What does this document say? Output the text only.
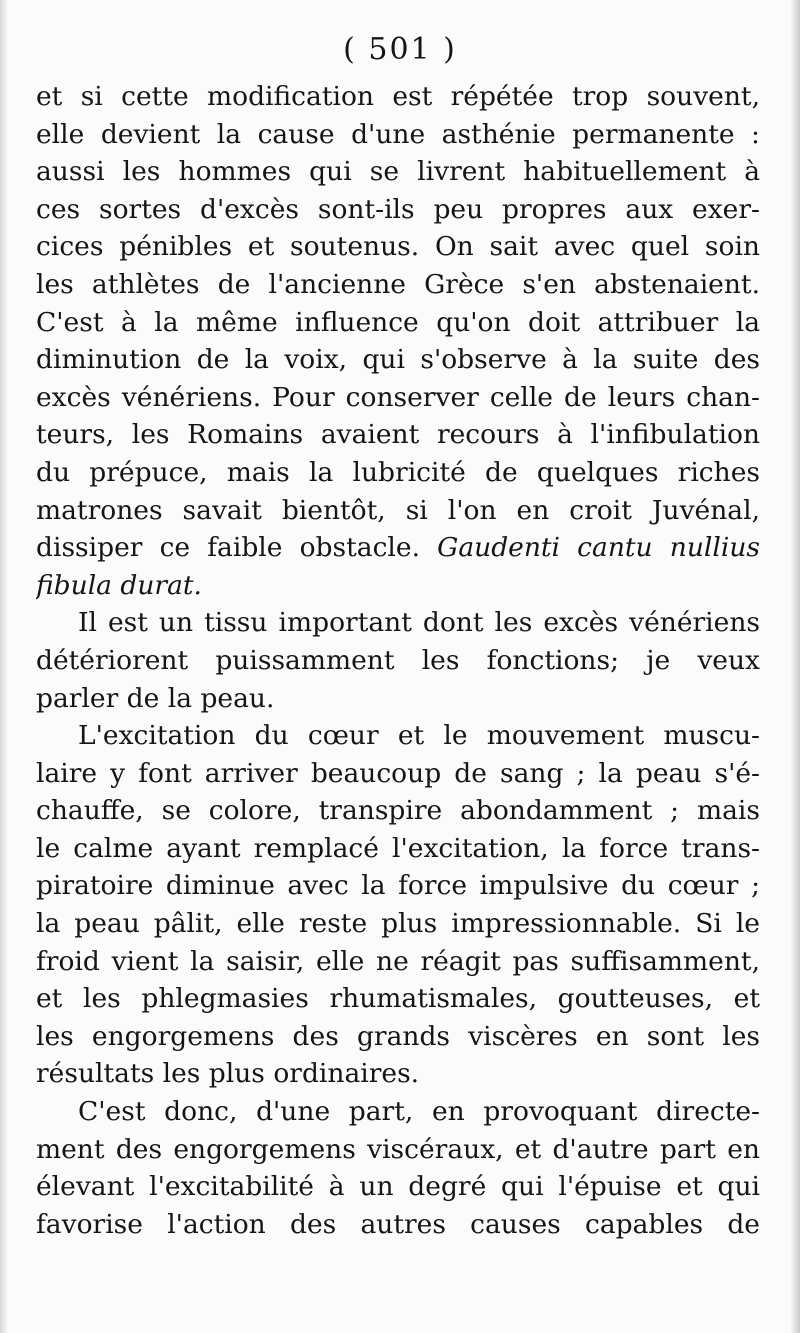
( 501 )
et si cette modification est répétée trop souvent,
elle devient la cause d'une asthénie permanente :
aussi les hommes qui se livrent habituellement à
ces sortes d'excès sont-ils peu propres aux exer-
cices pénibles et soutenus. On sait avec quel soin
les athlètes de l'ancienne Grèce s'en abstenaient.
C'est à la même influence qu'on doit attribuer la
diminution de la voix, qui s'observe à la suite des
excès vénériens. Pour conserver celle de leurs chan-
teurs, les Romains avaient recours à l'infibulation
du prépuce, mais la lubricité de quelques riches
matrones savait bientôt, si l'on en croit Juvénal,
dissiper ce faible obstacle. Gaudenti cantu nullius
fibula durat.
Il est un tissu important dont les excès vénériens
détériorent puissamment les fonctions; je veux
parler de la peau.
L'excitation du cœur et le mouvement muscu-
laire y font arriver beaucoup de sang ; la peau s'é-
chauffe, se colore, transpire abondamment ; mais
le calme ayant remplacé l'excitation, la force trans-
piratoire diminue avec la force impulsive du cœur ;
la peau pâlit, elle reste plus impressionnable. Si le
froid vient la saisir, elle ne réagit pas suffisamment,
et les phlegmasies rhumatismales, goutteuses, et
les engorgemens des grands viscères en sont les
résultats les plus ordinaires.
C'est donc, d'une part, en provoquant directe-
ment des engorgemens viscéraux, et d'autre part en
élevant l'excitabilité à un degré qui l'épuise et qui
favorise l'action des autres causes capables de
